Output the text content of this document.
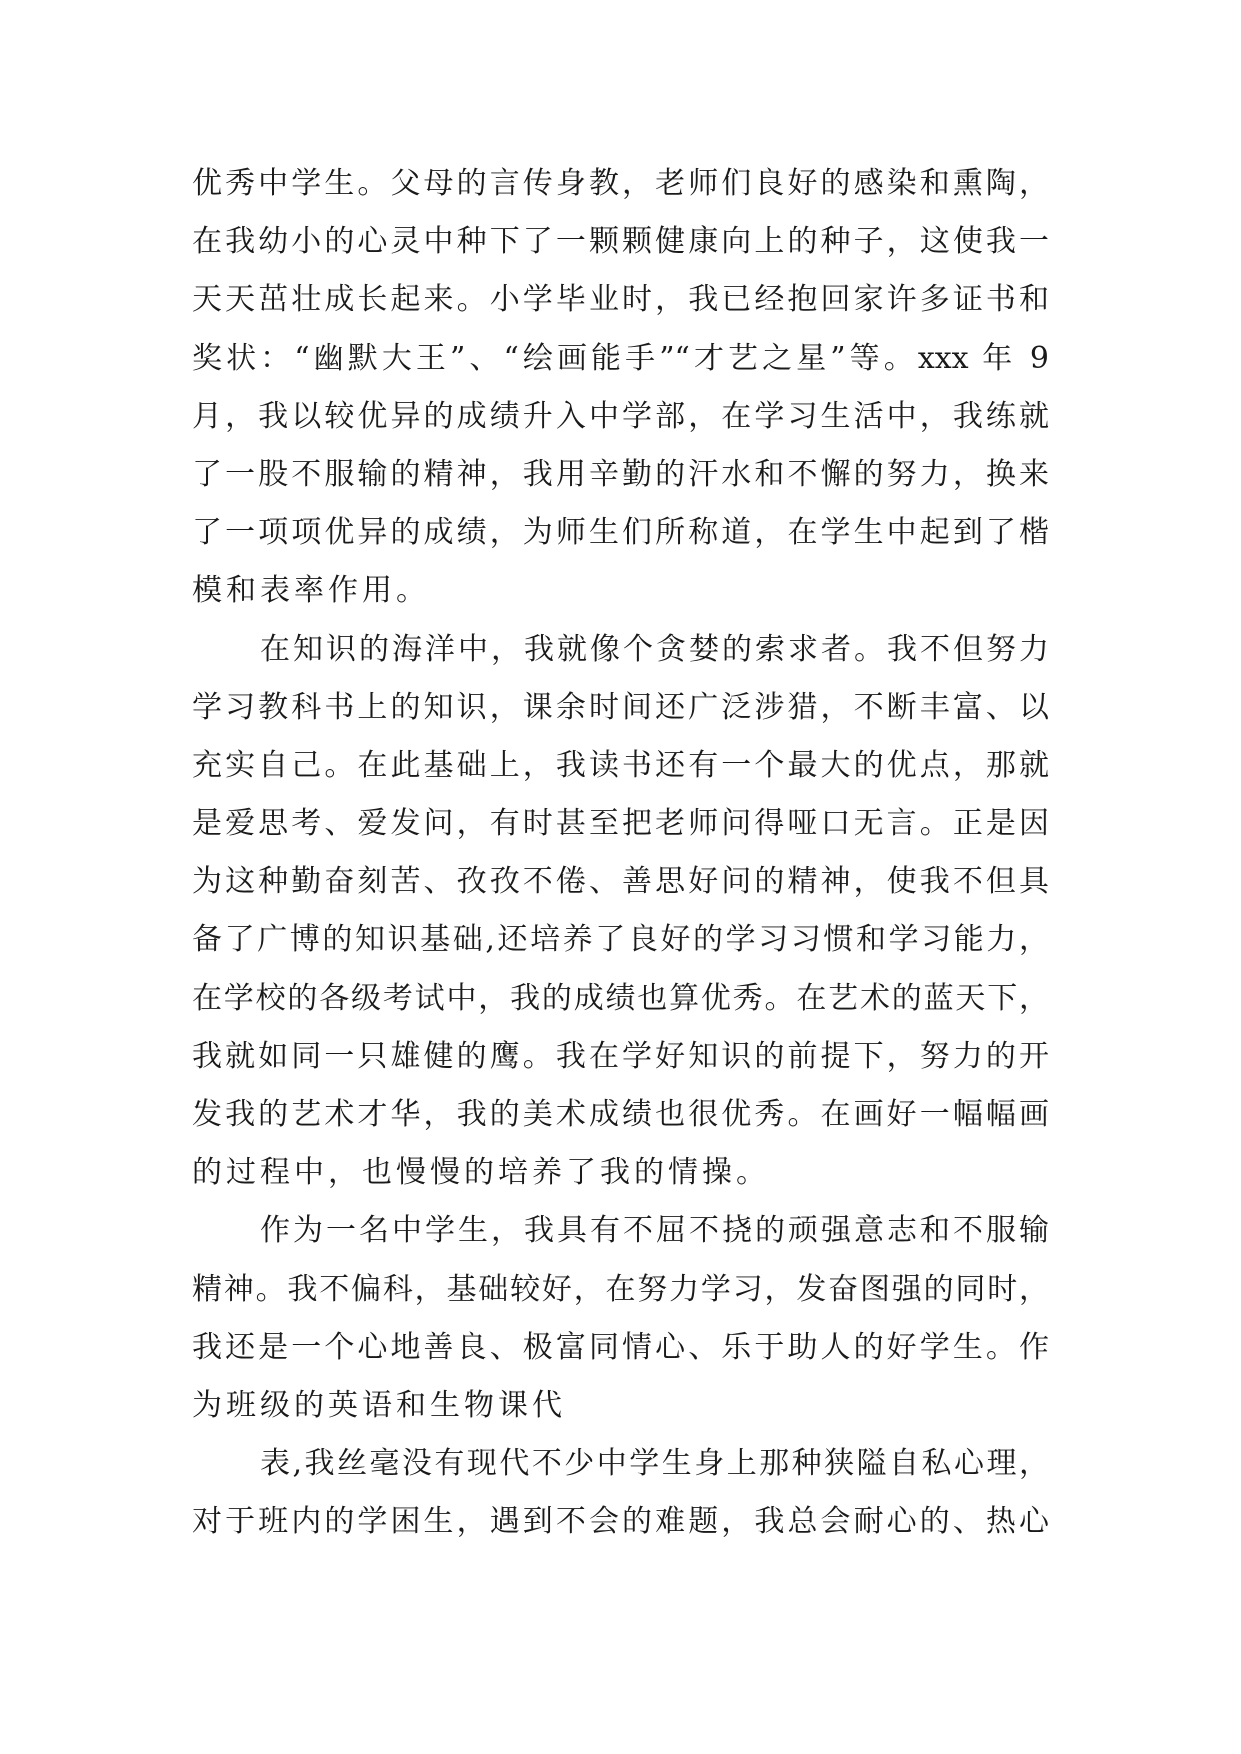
优秀中学生。父母的言传身教，老师们良好的感染和熏陶，
在我幼小的心灵中种下了一颗颗健康向上的种子，这使我一
天天茁壮成长起来。小学毕业时，我已经抱回家许多证书和
奖状：“幽默大王”、“绘画能手”“才艺之星”等。xxx 年 9
月，我以较优异的成绩升入中学部，在学习生活中，我练就
了一股不服输的精神，我用辛勤的汗水和不懈的努力，换来
了一项项优异的成绩，为师生们所称道，在学生中起到了楷
模和表率作用。
在知识的海洋中，我就像个贪婪的索求者。我不但努力
学习教科书上的知识，课余时间还广泛涉猎，不断丰富、以
充实自己。在此基础上，我读书还有一个最大的优点，那就
是爱思考、爱发问，有时甚至把老师问得哑口无言。正是因
为这种勤奋刻苦、孜孜不倦、善思好问的精神，使我不但具
备了广博的知识基础,还培养了良好的学习习惯和学习能力，
在学校的各级考试中，我的成绩也算优秀。在艺术的蓝天下，
我就如同一只雄健的鹰。我在学好知识的前提下，努力的开
发我的艺术才华，我的美术成绩也很优秀。在画好一幅幅画
的过程中，也慢慢的培养了我的情操。
作为一名中学生，我具有不屈不挠的顽强意志和不服输
精神。我不偏科，基础较好，在努力学习，发奋图强的同时，
我还是一个心地善良、极富同情心、乐于助人的好学生。作
为班级的英语和生物课代
表,我丝毫没有现代不少中学生身上那种狭隘自私心理，
对于班内的学困生，遇到不会的难题，我总会耐心的、热心
